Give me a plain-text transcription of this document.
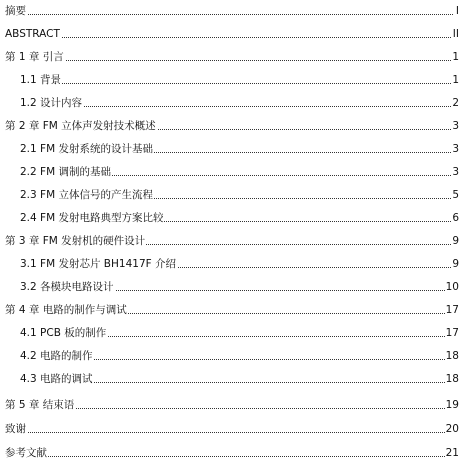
摘要	I
ABSTRACT	II
第 1 章 引言	1
1.1 背景	1
1.2 设计内容	2
第 2 章 FM 立体声发射技术概述	3
2.1 FM 发射系统的设计基础	3
2.2 FM 调制的基础	3
2.3 FM 立体信号的产生流程	5
2.4 FM 发射电路典型方案比较	6
第 3 章 FM 发射机的硬件设计	9
3.1 FM 发射芯片 BH1417F 介绍	9
3.2 各模块电路设计	10
第 4 章 电路的制作与调试	17
4.1 PCB 板的制作	17
4.2 电路的制作	18
4.3 电路的调试	18
第 5 章 结束语	19
致谢	20
参考文献	21
